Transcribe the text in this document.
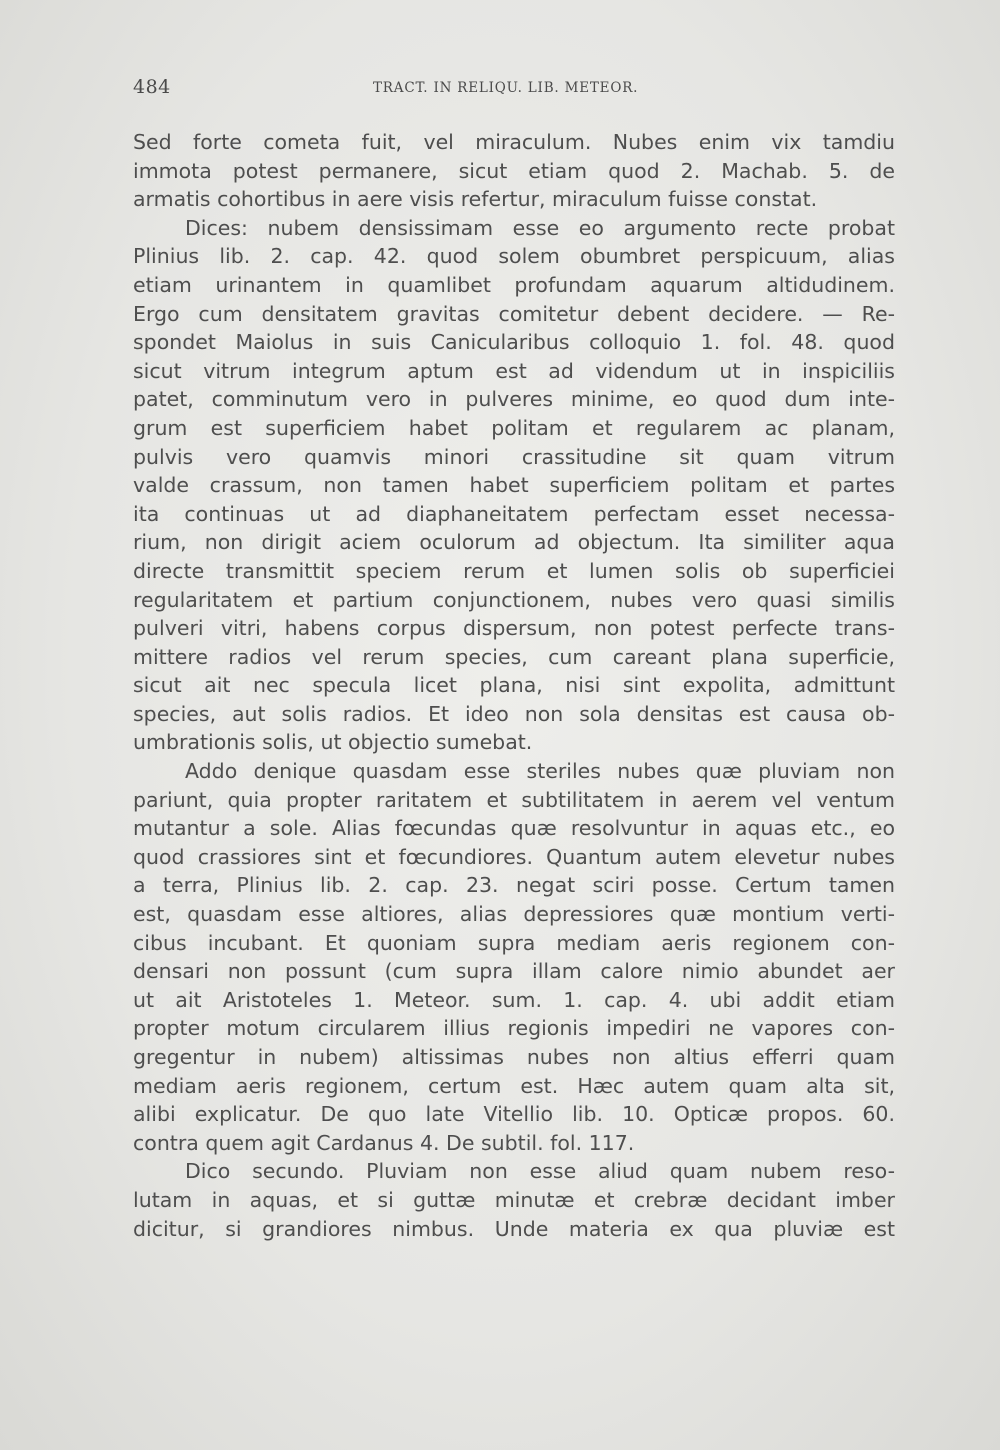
484	TRACT. IN RELIQU. LIB. METEOR.
Sed forte cometa fuit, vel miraculum. Nubes enim vix tamdiu
immota potest permanere, sicut etiam quod 2. Machab. 5. de
armatis cohortibus in aere visis refertur, miraculum fuisse constat.
Dices: nubem densissimam esse eo argumento recte probat
Plinius lib. 2. cap. 42. quod solem obumbret perspicuum, alias
etiam urinantem in quamlibet profundam aquarum altidudinem.
Ergo cum densitatem gravitas comitetur debent decidere. — Re-
spondet Maiolus in suis Canicularibus colloquio 1. fol. 48. quod
sicut vitrum integrum aptum est ad videndum ut in inspiciliis
patet, comminutum vero in pulveres minime, eo quod dum inte-
grum est superficiem habet politam et regularem ac planam,
pulvis vero quamvis minori crassitudine sit quam vitrum
valde crassum, non tamen habet superficiem politam et partes
ita continuas ut ad diaphaneitatem perfectam esset necessa-
rium, non dirigit aciem oculorum ad objectum. Ita similiter aqua
directe transmittit speciem rerum et lumen solis ob superficiei
regularitatem et partium conjunctionem, nubes vero quasi similis
pulveri vitri, habens corpus dispersum, non potest perfecte trans-
mittere radios vel rerum species, cum careant plana superficie,
sicut ait nec specula licet plana, nisi sint expolita, admittunt
species, aut solis radios. Et ideo non sola densitas est causa ob-
umbrationis solis, ut objectio sumebat.
Addo denique quasdam esse steriles nubes quæ pluviam non
pariunt, quia propter raritatem et subtilitatem in aerem vel ventum
mutantur a sole. Alias fœcundas quæ resolvuntur in aquas etc., eo
quod crassiores sint et fœcundiores. Quantum autem elevetur nubes
a terra, Plinius lib. 2. cap. 23. negat sciri posse. Certum tamen
est, quasdam esse altiores, alias depressiores quæ montium verti-
cibus incubant. Et quoniam supra mediam aeris regionem con-
densari non possunt (cum supra illam calore nimio abundet aer
ut ait Aristoteles 1. Meteor. sum. 1. cap. 4. ubi addit etiam
propter motum circularem illius regionis impediri ne vapores con-
gregentur in nubem) altissimas nubes non altius efferri quam
mediam aeris regionem, certum est. Hæc autem quam alta sit,
alibi explicatur. De quo late Vitellio lib. 10. Opticæ propos. 60.
contra quem agit Cardanus 4. De subtil. fol. 117.
Dico secundo. Pluviam non esse aliud quam nubem reso-
lutam in aquas, et si guttæ minutæ et crebræ decidant imber
dicitur, si grandiores nimbus. Unde materia ex qua pluviæ est
